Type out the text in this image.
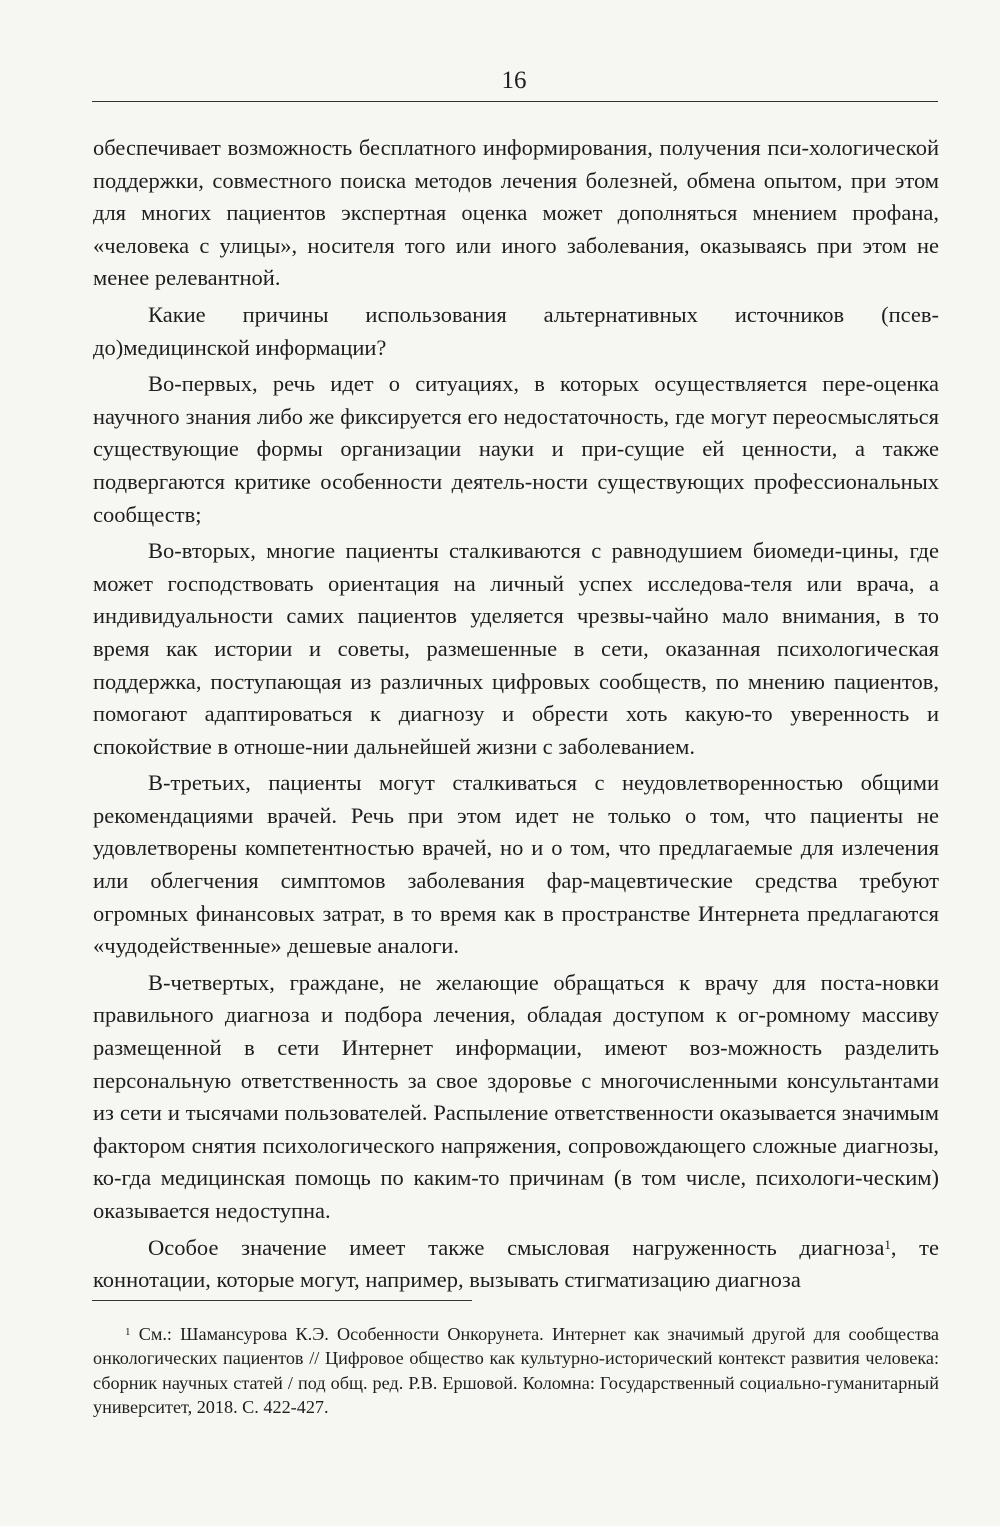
16

обеспечивает возможность бесплатного информирования, получения пси-хологической поддержки, совместного поиска методов лечения болезней, обмена опытом, при этом для многих пациентов экспертная оценка может дополняться мнением профана, «человека с улицы», носителя того или иного заболевания, оказываясь при этом не менее релевантной.

Какие причины использования альтернативных источников (псев-до)медицинской информации?

Во-первых, речь идет о ситуациях, в которых осуществляется пере-оценка научного знания либо же фиксируется его недостаточность, где могут переосмысляться существующие формы организации науки и при-сущие ей ценности, а также подвергаются критике особенности деятель-ности существующих профессиональных сообществ;

Во-вторых, многие пациенты сталкиваются с равнодушием биомеди-цины, где может господствовать ориентация на личный успех исследова-теля или врача, а индивидуальности самих пациентов уделяется чрезвы-чайно мало внимания, в то время как истории и советы, размешенные в сети, оказанная психологическая поддержка, поступающая из различных цифровых сообществ, по мнению пациентов, помогают адаптироваться к диагнозу и обрести хоть какую-то уверенность и спокойствие в отноше-нии дальнейшей жизни с заболеванием.

В-третьих, пациенты могут сталкиваться с неудовлетворенностью общими рекомендациями врачей. Речь при этом идет не только о том, что пациенты не удовлетворены компетентностью врачей, но и о том, что предлагаемые для излечения или облегчения симптомов заболевания фар-мацевтические средства требуют огромных финансовых затрат, в то время как в пространстве Интернета предлагаются «чудодейственные» дешевые аналоги.

В-четвертых, граждане, не желающие обращаться к врачу для поста-новки правильного диагноза и подбора лечения, обладая доступом к ог-ромному массиву размещенной в сети Интернет информации, имеют воз-можность разделить персональную ответственность за свое здоровье с многочисленными консультантами из сети и тысячами пользователей. Распыление ответственности оказывается значимым фактором снятия психологического напряжения, сопровождающего сложные диагнозы, ко-гда медицинская помощь по каким-то причинам (в том числе, психологи-ческим) оказывается недоступна.

Особое значение имеет также смысловая нагруженность диагноза$^1$, те коннотации, которые могут, например, вызывать стигматизацию диагноза

$^1$ См.: Шамансурова К.Э. Особенности Онкорунета. Интернет как значимый другой для сообщества онкологических пациентов // Цифровое общество как культурно-исторический контекст развития человека: сборник научных статей / под общ. ред. Р.В. Ершовой. Коломна: Государственный социально-гуманитарный университет, 2018. С. 422-427.
